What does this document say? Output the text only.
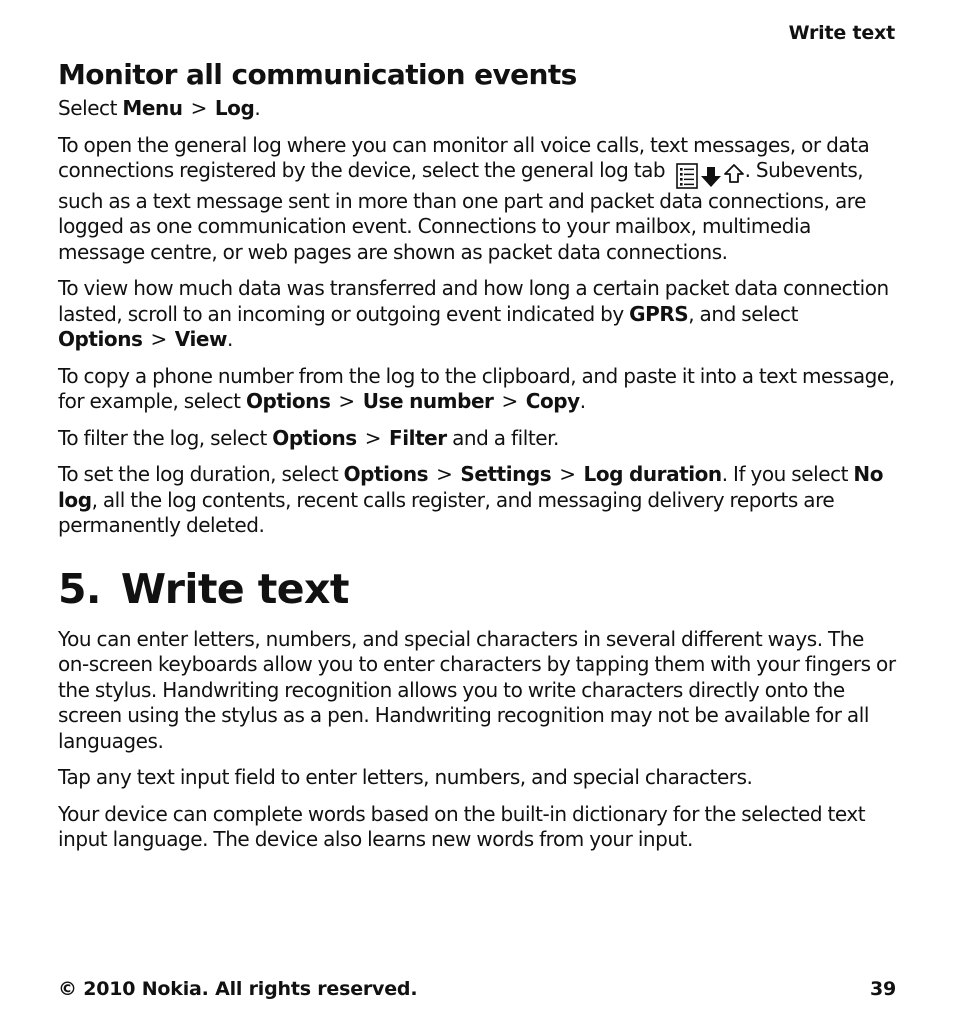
Write text
Monitor all communication events

Select Menu > Log.

To open the general log where you can monitor all voice calls, text messages, or data connections registered by the device, select the general log tab	. Subevents, such as a text message sent in more than one part and packet data connections, are logged as one communication event. Connections to your mailbox, multimedia message centre, or web pages are shown as packet data connections.

To view how much data was transferred and how long a certain packet data connection lasted, scroll to an incoming or outgoing event indicated by GPRS, and select Options > View.

To copy a phone number from the log to the clipboard, and paste it into a text message, for example, select Options > Use number > Copy.

To filter the log, select Options > Filter and a filter.

To set the log duration, select Options > Settings > Log duration. If you select No log, all the log contents, recent calls register, and messaging delivery reports are permanently deleted.

5. Write text

You can enter letters, numbers, and special characters in several different ways. The on-screen keyboards allow you to enter characters by tapping them with your fingers or the stylus. Handwriting recognition allows you to write characters directly onto the screen using the stylus as a pen. Handwriting recognition may not be available for all languages.

Tap any text input field to enter letters, numbers, and special characters.

Your device can complete words based on the built-in dictionary for the selected text input language. The device also learns new words from your input.

© 2010 Nokia. All rights reserved.	39
